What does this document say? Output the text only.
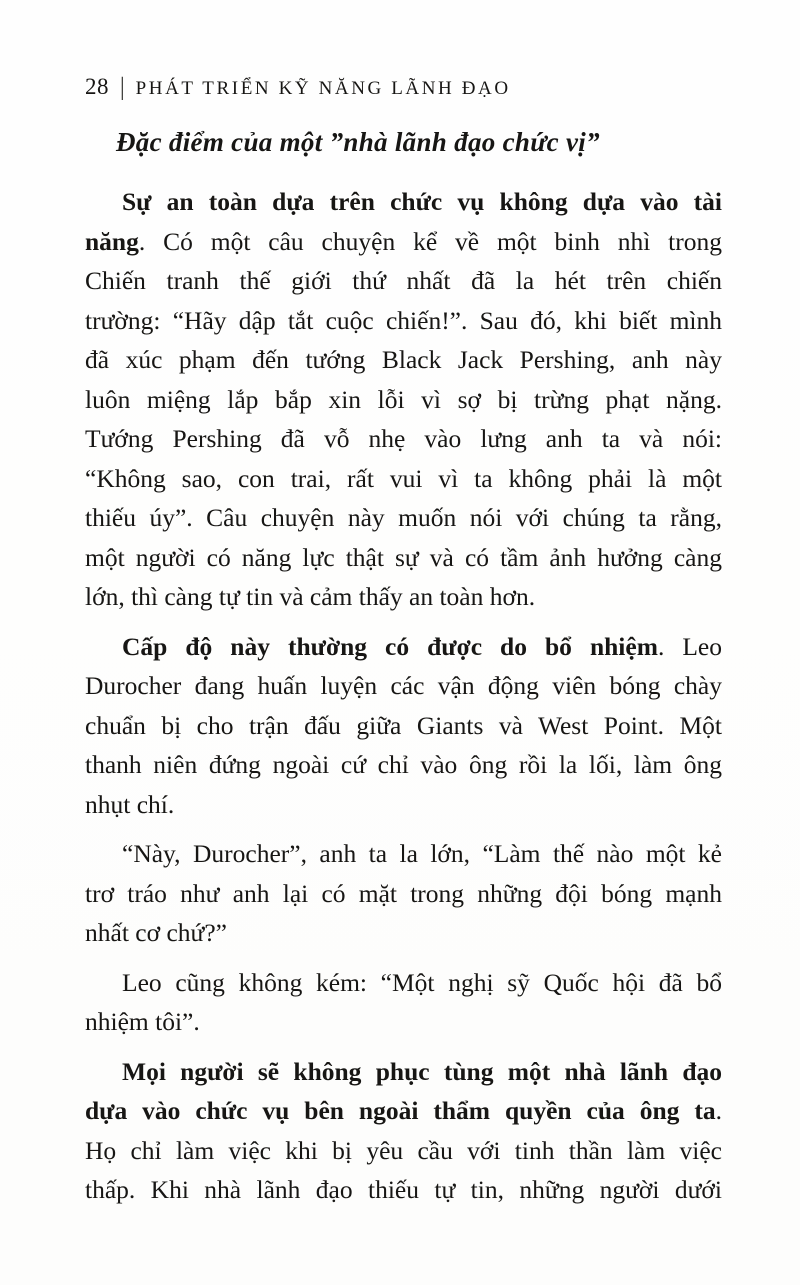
28 | PHÁT TRIỂN KỸ NĂNG LÃNH ĐẠO
Đặc điểm của một ”nhà lãnh đạo chức vị”
Sự an toàn dựa trên chức vụ không dựa vào tài
năng. Có một câu chuyện kể về một binh nhì trong
Chiến tranh thế giới thứ nhất đã la hét trên chiến
trường: “Hãy dập tắt cuộc chiến!”. Sau đó, khi biết mình
đã xúc phạm đến tướng Black Jack Pershing, anh này
luôn miệng lắp bắp xin lỗi vì sợ bị trừng phạt nặng.
Tướng Pershing đã vỗ nhẹ vào lưng anh ta và nói:
“Không sao, con trai, rất vui vì ta không phải là một
thiếu úy”. Câu chuyện này muốn nói với chúng ta rằng,
một người có năng lực thật sự và có tầm ảnh hưởng càng
lớn, thì càng tự tin và cảm thấy an toàn hơn.
Cấp độ này thường có được do bổ nhiệm. Leo
Durocher đang huấn luyện các vận động viên bóng chày
chuẩn bị cho trận đấu giữa Giants và West Point. Một
thanh niên đứng ngoài cứ chỉ vào ông rồi la lối, làm ông
nhụt chí.
“Này, Durocher”, anh ta la lớn, “Làm thế nào một kẻ
trơ tráo như anh lại có mặt trong những đội bóng mạnh
nhất cơ chứ?”
Leo cũng không kém: “Một nghị sỹ Quốc hội đã bổ
nhiệm tôi”.
Mọi người sẽ không phục tùng một nhà lãnh đạo
dựa vào chức vụ bên ngoài thẩm quyền của ông ta.
Họ chỉ làm việc khi bị yêu cầu với tinh thần làm việc
thấp. Khi nhà lãnh đạo thiếu tự tin, những người dưới
